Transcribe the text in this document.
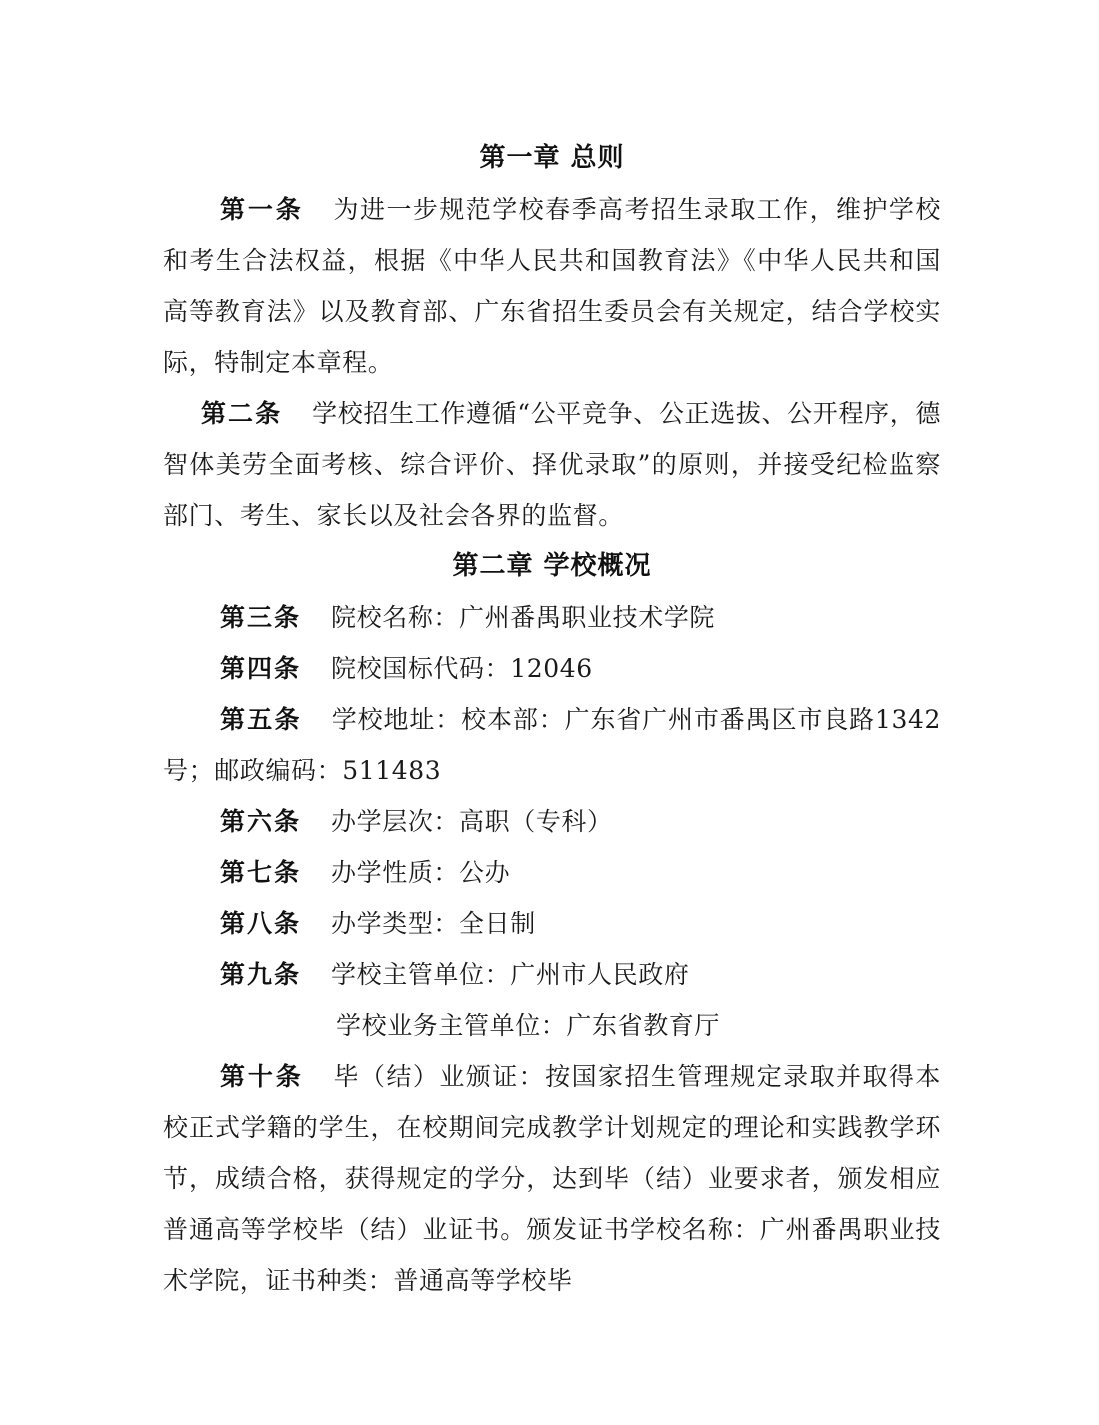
第一章 总则

第一条 为进一步规范学校春季高考招生录取工作，维护学校和考生合法权益，根据《中华人民共和国教育法》《中华人民共和国高等教育法》以及教育部、广东省招生委员会有关规定，结合学校实际，特制定本章程。

第二条 学校招生工作遵循“公平竞争、公正选拔、公开程序，德智体美劳全面考核、综合评价、择优录取”的原则，并接受纪检监察部门、考生、家长以及社会各界的监督。

第二章 学校概况

第三条 院校名称：广州番禺职业技术学院

第四条 院校国标代码：12046

第五条 学校地址：校本部：广东省广州市番禺区市良路1342 号；邮政编码：511483

第六条 办学层次：高职（专科）

第七条 办学性质：公办

第八条 办学类型：全日制

第九条 学校主管单位：广州市人民政府

学校业务主管单位：广东省教育厅

第十条 毕（结）业颁证：按国家招生管理规定录取并取得本校正式学籍的学生，在校期间完成教学计划规定的理论和实践教学环节，成绩合格，获得规定的学分，达到毕（结）业要求者，颁发相应普通高等学校毕（结）业证书。颁发证书学校名称：广州番禺职业技术学院，证书种类：普通高等学校毕
